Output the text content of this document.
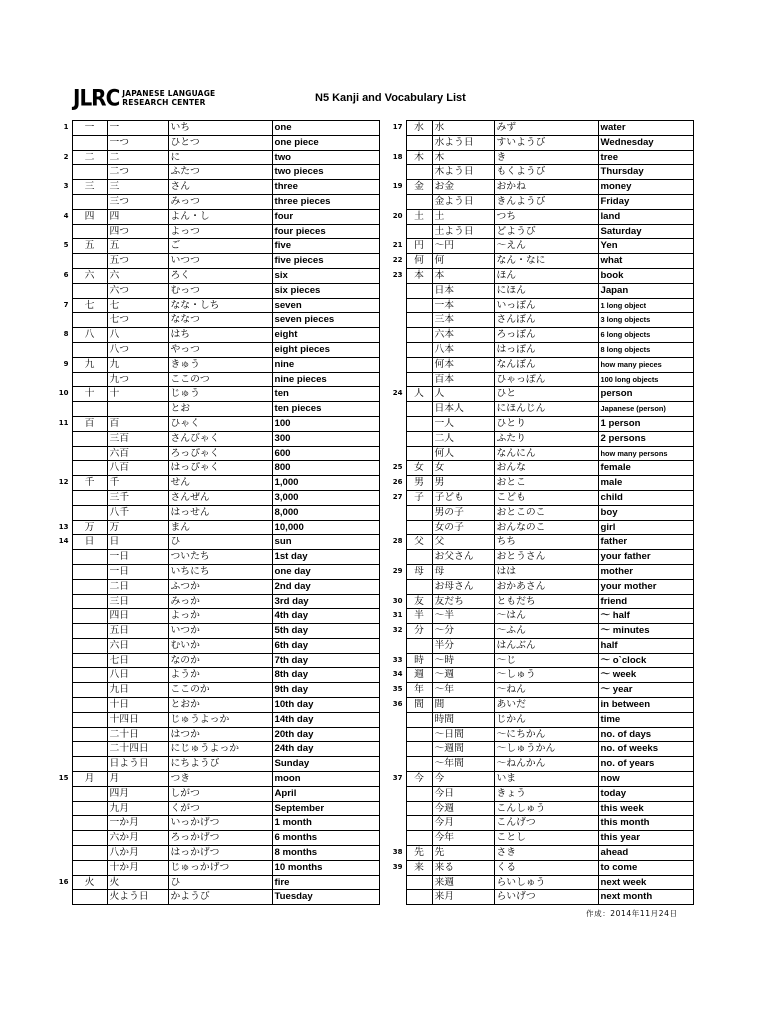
JLRC JAPANESE LANGUAGE
RESEARCH CENTER	N5 Kanji and Vocabulary List
1	一	一	いち	one
		一つ	ひとつ	one piece
2	二	二	に	two
		二つ	ふたつ	two pieces
3	三	三	さん	three
		三つ	みっつ	three pieces
4	四	四	よん・し	four
		四つ	よっつ	four pieces
5	五	五	ご	five
		五つ	いつつ	five pieces
6	六	六	ろく	six
		六つ	むっつ	six pieces
7	七	七	なな・しち	seven
		七つ	ななつ	seven pieces
8	八	八	はち	eight
		八つ	やっつ	eight pieces
9	九	九	きゅう	nine
		九つ	ここのつ	nine pieces
10	十	十	じゅう	ten
			とお	ten pieces
11	百	百	ひゃく	100
		三百	さんびゃく	300
		六百	ろっぴゃく	600
		八百	はっぴゃく	800
12	千	千	せん	1,000
		三千	さんぜん	3,000
		八千	はっせん	8,000
13	万	万	まん	10,000
14	日	日	ひ	sun
		一日	ついたち	1st day
		一日	いちにち	one day
		二日	ふつか	2nd day
		三日	みっか	3rd day
		四日	よっか	4th day
		五日	いつか	5th day
		六日	むいか	6th day
		七日	なのか	7th day
		八日	ようか	8th day
		九日	ここのか	9th day
		十日	とおか	10th day
		十四日	じゅうよっか	14th day
		二十日	はつか	20th day
		二十四日	にじゅうよっか	24th day
		日よう日	にちようび	Sunday
15	月	月	つき	moon
		四月	しがつ	April
		九月	くがつ	September
		一か月	いっかげつ	1 month
		六か月	ろっかげつ	6 months
		八か月	はっかげつ	8 months
		十か月	じゅっかげつ	10 months
16	火	火	ひ	fire
		火よう日	かようび	Tuesday
17	水	水	みず	water
		水よう日	すいようび	Wednesday
18	木	木	き	tree
		木よう日	もくようび	Thursday
19	金	お金	おかね	money
		金よう日	きんようび	Friday
20	土	土	つち	land
		土よう日	どようび	Saturday
21	円	～円	～えん	Yen
22	何	何	なん・なに	what
23	本	本	ほん	book
		日本	にほん	Japan
		一本	いっぽん	1 long object
		三本	さんぼん	3 long objects
		六本	ろっぽん	6 long objects
		八本	はっぽん	8 long objects
		何本	なんぼん	how many pieces
		百本	ひゃっぽん	100 long objects
24	人	人	ひと	person
		日本人	にほんじん	Japanese (person)
		一人	ひとり	1 person
		二人	ふたり	2 persons
		何人	なんにん	how many persons
25	女	女	おんな	female
26	男	男	おとこ	male
27	子	子ども	こども	child
		男の子	おとこのこ	boy
		女の子	おんなのこ	girl
28	父	父	ちち	father
		お父さん	おとうさん	your father
29	母	母	はは	mother
		お母さん	おかあさん	your mother
30	友	友だち	ともだち	friend
31	半	～半	～はん	～ half
32	分	～分	～ふん	～ minutes
		半分	はんぶん	half
33	時	～時	～じ	～ o`clock
34	週	～週	～しゅう	～ week
35	年	～年	～ねん	～ year
36	間	間	あいだ	in between
		時間	じかん	time
		～日間	～にちかん	no. of days
		～週間	～しゅうかん	no. of weeks
		～年間	～ねんかん	no. of years
37	今	今	いま	now
		今日	きょう	today
		今週	こんしゅう	this week
		今月	こんげつ	this month
		今年	ことし	this year
38	先	先	さき	ahead
39	来	来る	くる	to come
		来週	らいしゅう	next week
		来月	らいげつ	next month
作成：2014年11月24日
